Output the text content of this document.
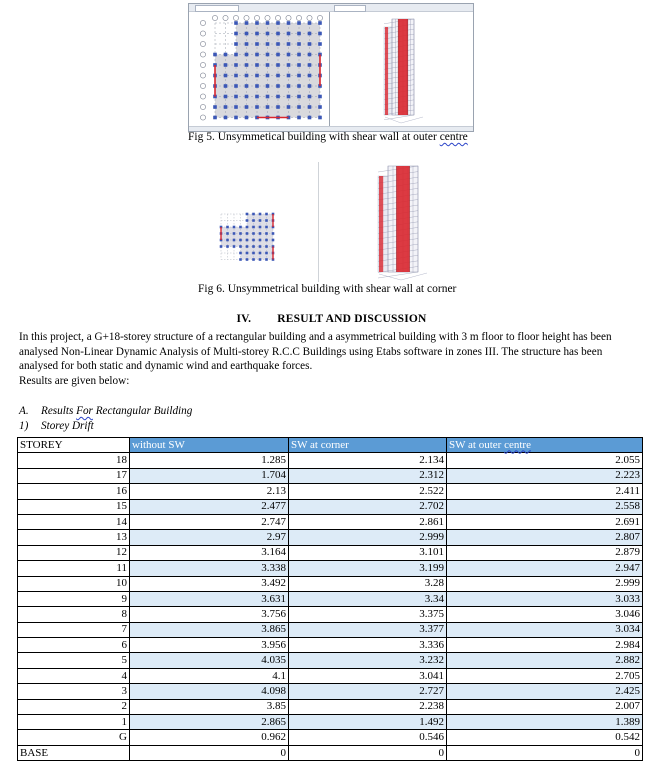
Fig 5. Unsymmetical building with shear wall at outer centre
Fig 6. Unsymmetrical building with shear wall at corner
IV. RESULT AND DISCUSSION

In this project, a G+18-storey structure of a rectangular building and a asymmetrical building with 3 m floor to floor height has been

analysed Non-Linear Dynamic Analysis of Multi-storey R.C.C Buildings using Etabs software in zones III. The structure has been

analysed for both static and dynamic wind and earthquake forces.

Results are given below:

A. Results For Rectangular Building
1) Storey Drift
STOREY	without SW	SW at corner	SW at outer centre
18	1.285	2.134	2.055
17	1.704	2.312	2.223
16	2.13	2.522	2.411
15	2.477	2.702	2.558
14	2.747	2.861	2.691
13	2.97	2.999	2.807
12	3.164	3.101	2.879
11	3.338	3.199	2.947
10	3.492	3.28	2.999
9	3.631	3.34	3.033
8	3.756	3.375	3.046
7	3.865	3.377	3.034
6	3.956	3.336	2.984
5	4.035	3.232	2.882
4	4.1	3.041	2.705
3	4.098	2.727	2.425
2	3.85	2.238	2.007
1	2.865	1.492	1.389
G	0.962	0.546	0.542
BASE	0	0	0
